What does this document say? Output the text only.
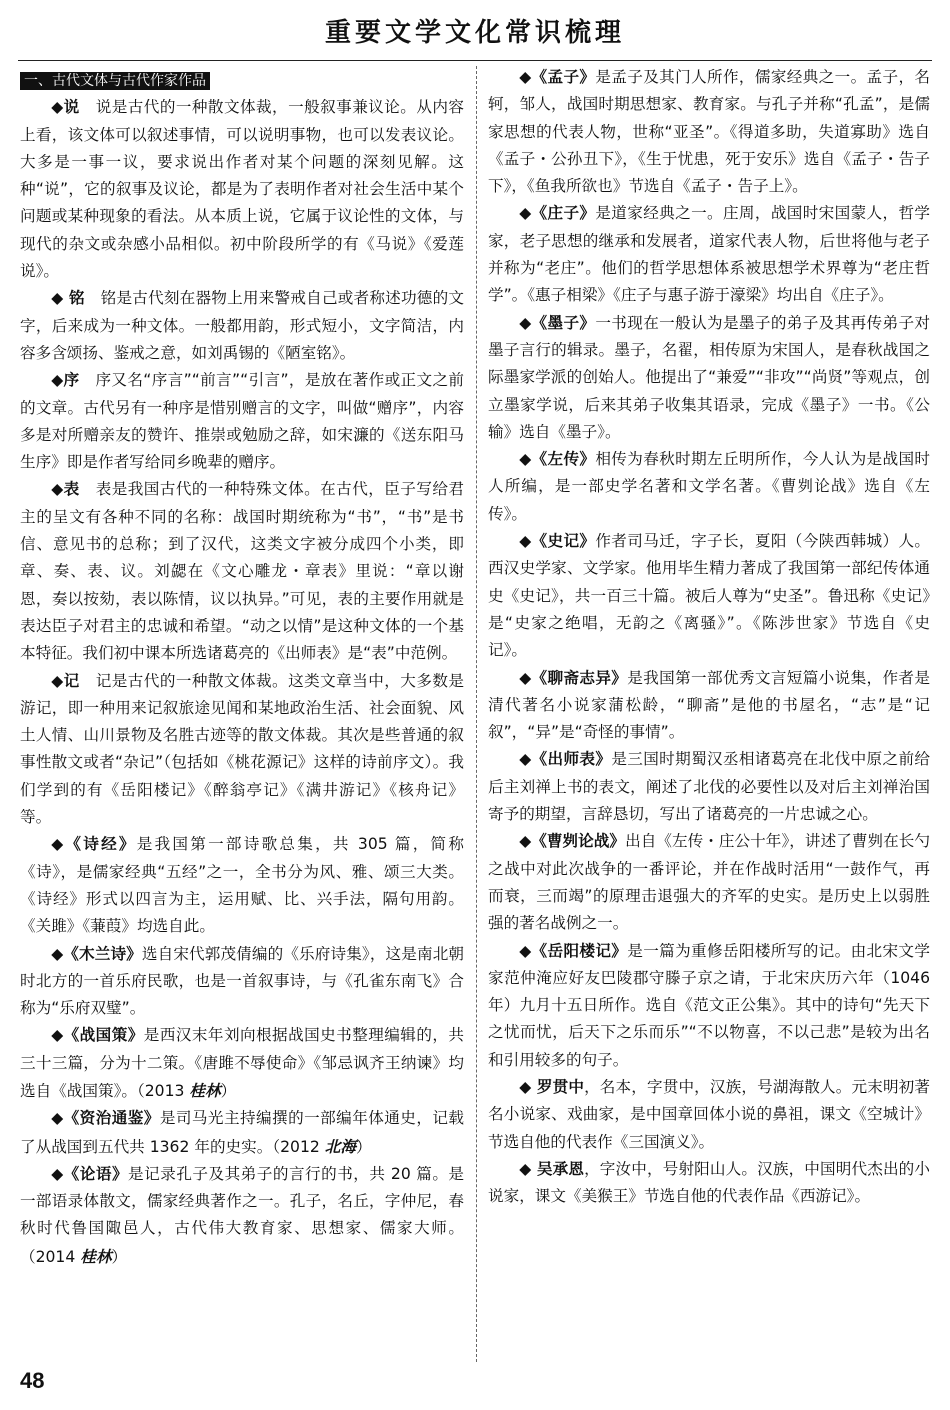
重要文学文化常识梳理
一、古代文体与古代作家作品

◆说　说是古代的一种散文体裁，一般叙事兼议论。从内容上看，该文体可以叙述事情，可以说明事物，也可以发表议论。大多是一事一议，要求说出作者对某个问题的深刻见解。这种“说”，它的叙事及议论，都是为了表明作者对社会生活中某个问题或某种现象的看法。从本质上说，它属于议论性的文体，与现代的杂文或杂感小品相似。初中阶段所学的有《马说》《爱莲说》。

◆ 铭　铭是古代刻在器物上用来警戒自己或者称述功德的文字，后来成为一种文体。一般都用韵，形式短小，文字简洁，内容多含颂扬、鉴戒之意，如刘禹锡的《陋室铭》。

◆序　序又名“序言”“前言”“引言”，是放在著作或正文之前的文章。古代另有一种序是惜别赠言的文字，叫做“赠序”，内容多是对所赠亲友的赞许、推崇或勉励之辞，如宋濂的《送东阳马生序》即是作者写给同乡晚辈的赠序。

◆表　表是我国古代的一种特殊文体。在古代，臣子写给君主的呈文有各种不同的名称：战国时期统称为“书”，“书”是书信、意见书的总称；到了汉代，这类文字被分成四个小类，即章、奏、表、议。刘勰在《文心雕龙・章表》里说：“章以谢恩，奏以按劾，表以陈情，议以执异。”可见，表的主要作用就是表达臣子对君主的忠诚和希望。“动之以情”是这种文体的一个基本特征。我们初中课本所选诸葛亮的《出师表》是“表”中范例。

◆记　记是古代的一种散文体裁。这类文章当中，大多数是游记，即一种用来记叙旅途见闻和某地政治生活、社会面貌、风土人情、山川景物及名胜古迹等的散文体裁。其次是些普通的叙事性散文或者“杂记”（包括如《桃花源记》这样的诗前序文）。我们学到的有《岳阳楼记》《醉翁亭记》《满井游记》《核舟记》等。

◆《诗经》是我国第一部诗歌总集，共 305 篇，简称《诗》，是儒家经典“五经”之一，全书分为风、雅、颂三大类。《诗经》形式以四言为主，运用赋、比、兴手法，隔句用韵。《关雎》《蒹葭》均选自此。

◆《木兰诗》选自宋代郭茂倩编的《乐府诗集》，这是南北朝时北方的一首乐府民歌，也是一首叙事诗，与《孔雀东南飞》合称为“乐府双璧”。

◆《战国策》是西汉末年刘向根据战国史书整理编辑的，共三十三篇，分为十二策。《唐雎不辱使命》《邹忌讽齐王纳谏》均选自《战国策》。（2013 桂林）

◆《资治通鉴》是司马光主持编撰的一部编年体通史，记载了从战国到五代共 1362 年的史实。（2012 北海）

◆《论语》是记录孔子及其弟子的言行的书，共 20 篇。是一部语录体散文，儒家经典著作之一。孔子，名丘，字仲尼，春秋时代鲁国陬邑人，古代伟大教育家、思想家、儒家大师。（2014 桂林）

◆《孟子》是孟子及其门人所作，儒家经典之一。孟子，名轲，邹人，战国时期思想家、教育家。与孔子并称“孔孟”，是儒家思想的代表人物，世称“亚圣”。《得道多助，失道寡助》选自《孟子・公孙丑下》，《生于忧患，死于安乐》选自《孟子・告子下》，《鱼我所欲也》节选自《孟子・告子上》。

◆《庄子》是道家经典之一。庄周，战国时宋国蒙人，哲学家，老子思想的继承和发展者，道家代表人物，后世将他与老子并称为“老庄”。他们的哲学思想体系被思想学术界尊为“老庄哲学”。《惠子相梁》《庄子与惠子游于濠梁》均出自《庄子》。

◆《墨子》一书现在一般认为是墨子的弟子及其再传弟子对墨子言行的辑录。墨子，名翟，相传原为宋国人，是春秋战国之际墨家学派的创始人。他提出了“兼爱”“非攻”“尚贤”等观点，创立墨家学说，后来其弟子收集其语录，完成《墨子》一书。《公输》选自《墨子》。

◆《左传》相传为春秋时期左丘明所作，今人认为是战国时人所编，是一部史学名著和文学名著。《曹刿论战》选自《左传》。

◆《史记》作者司马迁，字子长，夏阳（今陕西韩城）人。西汉史学家、文学家。他用毕生精力著成了我国第一部纪传体通史《史记》，共一百三十篇。被后人尊为“史圣”。鲁迅称《史记》是“史家之绝唱，无韵之《离骚》”。《陈涉世家》节选自《史记》。

◆《聊斋志异》是我国第一部优秀文言短篇小说集，作者是清代著名小说家蒲松龄，“聊斋”是他的书屋名，“志”是“记叙”，“异”是“奇怪的事情”。

◆《出师表》是三国时期蜀汉丞相诸葛亮在北伐中原之前给后主刘禅上书的表文，阐述了北伐的必要性以及对后主刘禅治国寄予的期望，言辞恳切，写出了诸葛亮的一片忠诚之心。

◆《曹刿论战》出自《左传・庄公十年》，讲述了曹刿在长勺之战中对此次战争的一番评论，并在作战时活用“一鼓作气，再而衰，三而竭”的原理击退强大的齐军的史实。是历史上以弱胜强的著名战例之一。

◆《岳阳楼记》是一篇为重修岳阳楼所写的记。由北宋文学家范仲淹应好友巴陵郡守滕子京之请，于北宋庆历六年（1046 年）九月十五日所作。选自《范文正公集》。其中的诗句“先天下之忧而忧，后天下之乐而乐”“不以物喜，不以己悲”是较为出名和引用较多的句子。

◆ 罗贯中，名本，字贯中，汉族，号湖海散人。元末明初著名小说家、戏曲家，是中国章回体小说的鼻祖，课文《空城计》节选自他的代表作《三国演义》。

◆ 吴承恩，字汝中，号射阳山人。汉族，中国明代杰出的小说家，课文《美猴王》节选自他的代表作品《西游记》。

48
